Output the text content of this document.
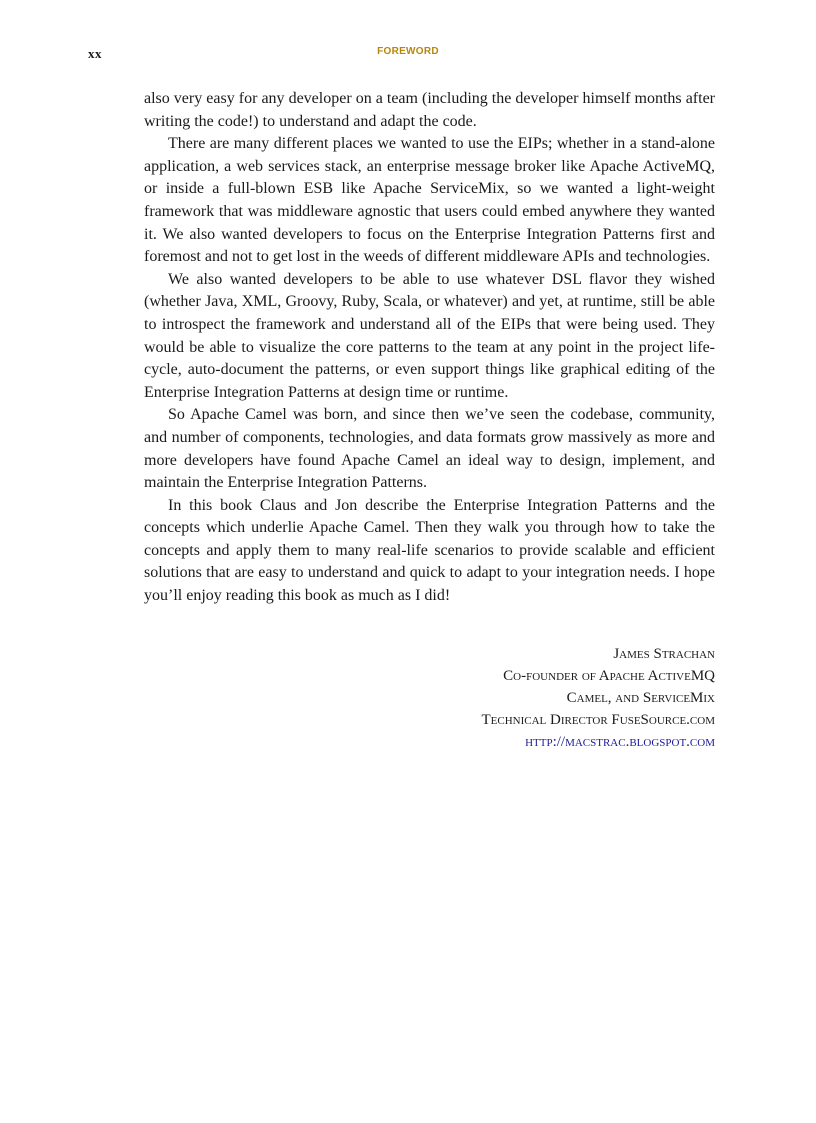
xx	FOREWORD

also very easy for any developer on a team (including the developer himself months after writing the code!) to understand and adapt the code.

There are many different places we wanted to use the EIPs; whether in a stand-alone application, a web services stack, an enterprise message broker like Apache ActiveMQ, or inside a full-blown ESB like Apache ServiceMix, so we wanted a light-weight framework that was middleware agnostic that users could embed anywhere they wanted it. We also wanted developers to focus on the Enterprise Integration Patterns first and foremost and not to get lost in the weeds of different middleware APIs and technologies.

We also wanted developers to be able to use whatever DSL flavor they wished (whether Java, XML, Groovy, Ruby, Scala, or whatever) and yet, at runtime, still be able to introspect the framework and understand all of the EIPs that were being used. They would be able to visualize the core patterns to the team at any point in the project life-cycle, auto-document the patterns, or even support things like graphical editing of the Enterprise Integration Patterns at design time or runtime.

So Apache Camel was born, and since then we’ve seen the codebase, community, and number of components, technologies, and data formats grow massively as more and more developers have found Apache Camel an ideal way to design, implement, and maintain the Enterprise Integration Patterns.

In this book Claus and Jon describe the Enterprise Integration Patterns and the concepts which underlie Apache Camel. Then they walk you through how to take the concepts and apply them to many real-life scenarios to provide scalable and efficient solutions that are easy to understand and quick to adapt to your integration needs. I hope you’ll enjoy reading this book as much as I did!

James Strachan
Co-founder of Apache ActiveMQ
Camel, and ServiceMix
Technical Director FuseSource.com
http://macstrac.blogspot.com
